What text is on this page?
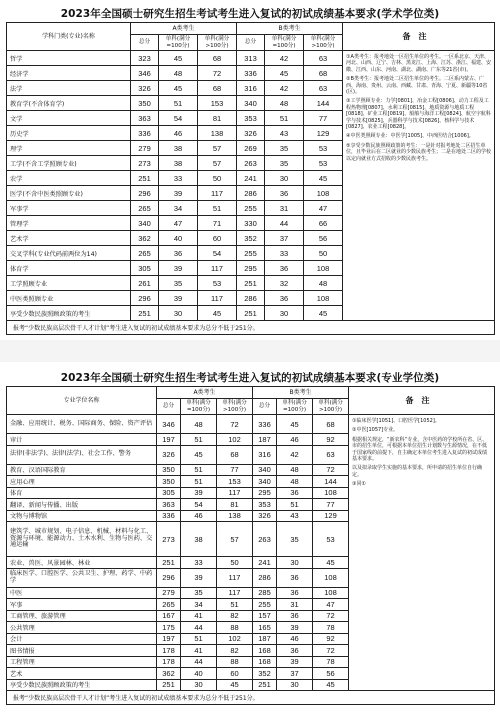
2023年全国硕士研究生招生考试考生进入复试的初试成绩基本要求(学术学位类)
学科门类(专业)名称	A类考生			B类考生			备注
	总分	单科(满分=100分)	单科(满分>100分)	总分	单科(满分=100分)	单科(满分>100分)	
哲学	323	45	68	313	42	63	①A类考生：报考地处一区招生单位的考生。一区系北京、天津、河北、山西、辽宁、吉林、黑龙江、上海、江苏、浙江、福建、安徽、江西、山东、河南、湖北、湖南、广东等21省(市)。

②B类考生：报考地处二区招生单位的考生。二区系内蒙古、广西、海南、贵州、云南、西藏、甘肃、青海、宁夏、新疆等10省(区)。

③工学照顾专业：力学[0801]、冶金工程[0806]、动力工程及工程热物理[0807]、水利工程[0815]、地质资源与地质工程[0818]、矿业工程[0819]、船舶与海洋工程[0824]、航空宇航科学与技术[0825]、兵器科学与技术[0826]、核科学与技术[0827]、农业工程[0828]。

④中医类照顾专业：中医学[1005]、中西医结合[1006]。

⑤享受少数民族照顾政策的考生：一是针对报考地处二区招生单位，且毕业后在二区就业的少数民族考生；二是在地处二区的学校以定向就业方式招收的少数民族考生。

经济学	346	48	72	336	45	68	
法学	326	45	68	316	42	63	
教育学(不含体育学)	350	51	153	340	48	144	
文学	363	54	81	353	51	77	
历史学	336	46	138	326	43	129	
理学	279	38	57	269	35	53	
工学(不含工学照顾专业)	273	38	57	263	35	53	
农学	251	33	50	241	30	45	
医学(不含中医类照顾专业)	296	39	117	286	36	108	
军事学	265	34	51	255	31	47	
管理学	340	47	71	330	44	66	
艺术学	362	40	60	352	37	56	
交叉学科(专业代码前两位为14)	265	36	54	255	33	50	
体育学	305	39	117	295	36	108	
工学照顾专业	261	35	53	251	32	48	
中医类照顾专业	296	39	117	286	36	108	
享受少数民族照顾政策的考生	251	30	45	251	30	45	
报考“少数民族高层次骨干人才计划”考生进入复试的初试成绩基本要求为总分不低于251分。							
2023年全国硕士研究生招生考试考生进入复试的初试成绩基本要求(专业学位类)
专业学位名称	A类考生			B类考生			备注
	总分	单科(满分=100分)	单科(满分>100分)	总分	单科(满分=100分)	单科(满分>100分)	
金融、应用统计、税务、国际商务、保险、资产评估	346	48	72	336	45	68	①临床医学[1051]、口腔医学[1052]。

②中医[1057]专业。

根据相关规定，“新农科”专业，含中医药的学校所在省、区、市的招生单位，可根据本单位招生计划数与生源情况，在不低于国家线的前提下，自主确定本单位考生进入复试的初试成绩基本要求。

以及拟录取学生实施的基本要求，所申请的招生单位自行确定。

③同①

审计	197	51	102	187	46	92	
法律(非法学)、法律(法学)、社会工作、警务	326	45	68	316	42	63	
教育、汉语国际教育	350	51	77	340	48	72	
应用心理	350	51	153	340	48	144	
体育	305	39	117	295	36	108	
翻译、新闻与传播、出版	363	54	81	353	51	77	
文物与博物馆	336	46	138	326	43	129	
建筑学、城市规划、电子信息、机械、材料与化工、资源与环境、能源动力、土木水利、生物与医药、交通运输	273	38	57	263	35	53	
农业、兽医、风景园林、林业	251	33	50	241	30	45	
临床医学、口腔医学、公共卫生、护理、药学、中药学	296	39	117	286	36	108	
中医	279	35	117	285	36	108	
军事	265	34	51	255	31	47	
工商管理、旅游管理	167	41	82	157	36	72	
公共管理	175	44	88	165	39	78	
会计	197	51	102	187	46	92	
图书情报	178	41	82	168	36	72	
工程管理	178	44	88	168	39	78	
艺术	362	40	60	352	37	56	
享受少数民族照顾政策的考生	251	30	45	251	30	45	
报考“少数民族高层次骨干人才计划”考生进入复试的初试成绩基本要求为总分不低于251分。							
